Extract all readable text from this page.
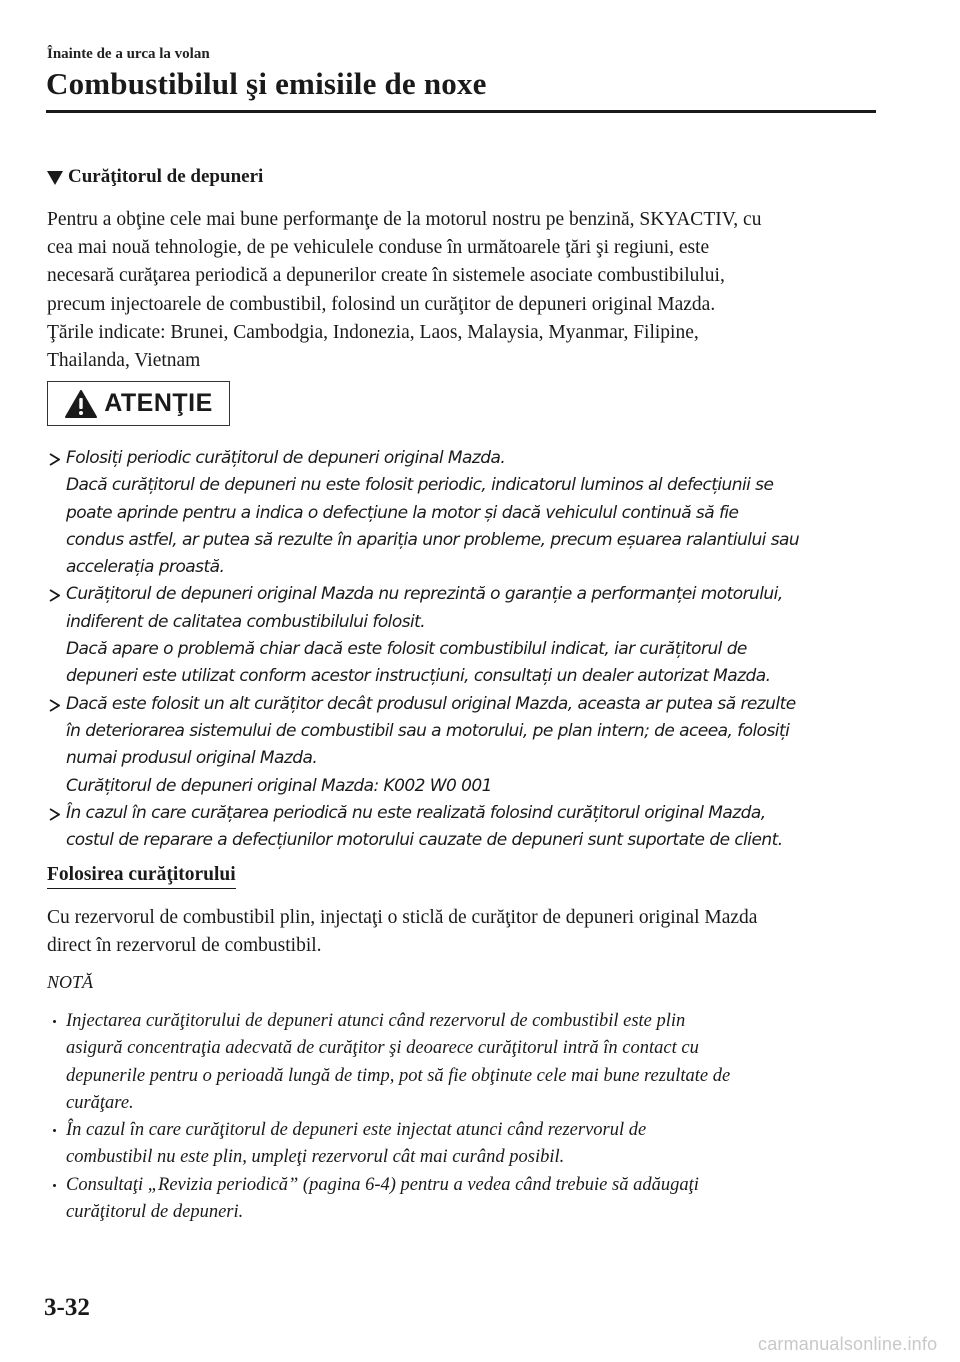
Înainte de a urca la volan
Combustibilul şi emisiile de noxe
Curăţitorul de depuneri

Pentru a obţine cele mai bune performanţe de la motorul nostru pe benzină, SKYACTIV, cu

cea mai nouă tehnologie, de pe vehiculele conduse în următoarele ţări şi regiuni, este

necesară curăţarea periodică a depunerilor create în sistemele asociate combustibilului,

precum injectoarele de combustibil, folosind un curăţitor de depuneri original Mazda.

Ţările indicate: Brunei, Cambodgia, Indonezia, Laos, Malaysia, Myanmar, Filipine,

Thailanda, Vietnam

ATENŢIE
Folosiți periodic curățitorul de depuneri original Mazda.
Dacă curățitorul de depuneri nu este folosit periodic, indicatorul luminos al defecțiunii se
poate aprinde pentru a indica o defecțiune la motor și dacă vehiculul continuă să fie
condus astfel, ar putea să rezulte în apariția unor probleme, precum eșuarea ralantiului sau
accelerația proastă.
Curățitorul de depuneri original Mazda nu reprezintă o garanție a performanței motorului,
indiferent de calitatea combustibilului folosit.
Dacă apare o problemă chiar dacă este folosit combustibilul indicat, iar curățitorul de
depuneri este utilizat conform acestor instrucțiuni, consultați un dealer autorizat Mazda.
Dacă este folosit un alt curățitor decât produsul original Mazda, aceasta ar putea să rezulte
în deteriorarea sistemului de combustibil sau a motorului, pe plan intern; de aceea, folosiți
numai produsul original Mazda.
Curățitorul de depuneri original Mazda: K002 W0 001
În cazul în care curățarea periodică nu este realizată folosind curățitorul original Mazda,
costul de reparare a defecțiunilor motorului cauzate de depuneri sunt suportate de client.
Folosirea curăţitorului

Cu rezervorul de combustibil plin, injectaţi o sticlă de curăţitor de depuneri original Mazda

direct în rezervorul de combustibil.

NOTĂ
Injectarea curăţitorului de depuneri atunci când rezervorul de combustibil este plin
asigură concentraţia adecvată de curăţitor şi deoarece curăţitorul intră în contact cu
depunerile pentru o perioadă lungă de timp, pot să fie obţinute cele mai bune rezultate de
curăţare.
În cazul în care curăţitorul de depuneri este injectat atunci când rezervorul de
combustibil nu este plin, umpleţi rezervorul cât mai curând posibil.
Consultaţi „Revizia periodică” (pagina 6-4) pentru a vedea când trebuie să adăugaţi
curăţitorul de depuneri.
3-32
carmanualsonline.info
